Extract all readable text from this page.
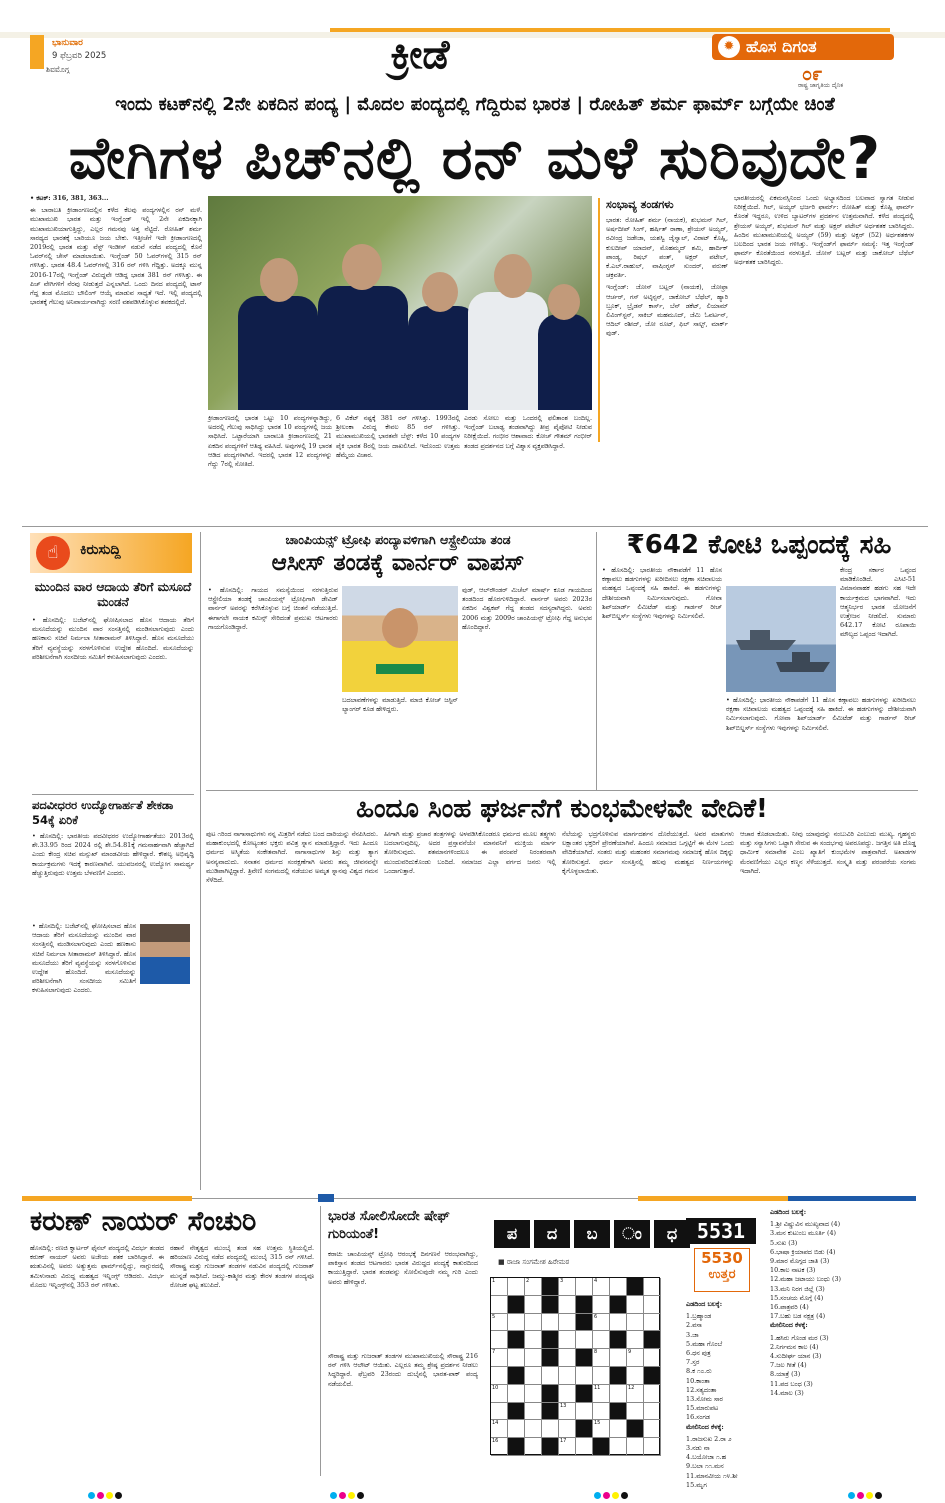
ಭಾನುವಾರ
9 ಫೆಬ್ರವರಿ 2025
ಶಿವಮೊಗ್ಗ	ಕ್ರೀಡೆ	✹ ಹೊಸ ದಿಗಂತ
೦೯
ರಾಷ್ಟ್ರ ಜಾಗೃತಿಯ ದೈನಿಕ
ಇಂದು ಕಟಕ್‌ನಲ್ಲಿ 2ನೇ ಏಕದಿನ ಪಂದ್ಯ | ಮೊದಲ ಪಂದ್ಯದಲ್ಲಿ ಗೆದ್ದಿರುವ ಭಾರತ | ರೋಹಿತ್ ಶರ್ಮ ಫಾರ್ಮ್ ಬಗ್ಗೆಯೇ ಚಿಂತೆ
ವೇಗಿಗಳ ಪಿಚ್‌ನಲ್ಲಿ ರನ್ ಮಳೆ ಸುರಿವುದೇ?

• ಕಟಕ್: 316, 381, 363...

ಈ ಬಾರಾಬತಿ ಕ್ರೀಡಾಂಗಣದಲ್ಲಿನ ಕಳೆದ ಕೆಲವು ಪಂದ್ಯಗಳಲ್ಲಿನ ರನ್ ಮಳೆ. ಮುಖಾಮುಖಿ ಭಾರತ ಮತ್ತು ಇಂಗ್ಲೆಂಡ್ ಇಲ್ಲಿ 2ನೇ ಏಕದಿನಕ್ಕಾಗಿ ಮುಖಾಮುಖಿಯಾಗುತ್ತಿದ್ದು, ಎಲ್ಲರ ಗಮನವು ಅತ್ತ ನೆಟ್ಟಿದೆ. ರೋಹಿತ್ ಶರ್ಮ ಸಾರಥ್ಯದ ಭಾರತಕ್ಕೆ ಬಾರಿಯೂ ಜಯ ಬೇಕು. ಇತ್ತೀಚೆಗೆ ಇದೇ ಕ್ರೀಡಾಂಗಣದಲ್ಲಿ 2019ರಲ್ಲಿ ಭಾರತ ಮತ್ತು ವೆಸ್ಟ್ ಇಂಡೀಸ್ ನಡುವೆ ನಡೆದ ಪಂದ್ಯದಲ್ಲಿ ಕೊನೆ ಓವರ್‌ನಲ್ಲಿ ಚೇಸ್ ಮಾಡಲಾಯಿತು. ಇಂಗ್ಲೆಂಡ್ 50 ಓವರ್‌ಗಳಲ್ಲಿ 315 ರನ್ ಗಳಿಸಿತ್ತು. ಭಾರತ 48.4 ಓವರ್‌ಗಳಲ್ಲಿ 316 ರನ್ ಗಳಿಸಿ ಗೆದ್ದಿತ್ತು. ಅದಕ್ಕೂ ಮುನ್ನ 2016-17ರಲ್ಲಿ ಇಂಗ್ಲೆಂಡ್ ವಿರುದ್ಧವೇ ಆಡಿದ್ದ ಭಾರತ 381 ರನ್ ಗಳಿಸಿತ್ತು. ಈ ಪಿಚ್ ವೇಗಿಗಳಿಗೆ ನೆರವು ನೀಡುತ್ತದೆ ಎನ್ನಲಾಗಿದೆ. ಒಂದು ದಿನದ ಪಂದ್ಯದಲ್ಲಿ ಟಾಸ್ ಗೆದ್ದ ತಂಡ ಮೊದಲು ಬೌಲಿಂಗ್ ಆಯ್ಕೆ ಮಾಡುವ ಸಾಧ್ಯತೆ ಇದೆ. ಇಲ್ಲಿ ಪಂದ್ಯದಲ್ಲಿ ಭಾರತಕ್ಕೆ ಗೆಲುವು ಅನಿವಾರ್ಯವಾಗಿದ್ದು ಸರಣಿ ವಶಪಡಿಸಿಕೊಳ್ಳುವ ತವಕದಲ್ಲಿದೆ.

ಕ್ರೀಡಾಂಗಣದಲ್ಲಿ ಭಾರತ ಒಟ್ಟು 10 ಪಂದ್ಯಗಳನ್ನಾಡಿದ್ದು, ಅದರಲ್ಲಿ ಗೆಲುವು ಸಾಧಿಸಿದ್ದು ಭಾರತ 10 ಪಂದ್ಯಗಳಲ್ಲಿ ಜಯ ಸಾಧಿಸಿದೆ. ಒಟ್ಟಾರೆಯಾಗಿ ಬಾರಾಬತಿ ಕ್ರೀಡಾಂಗಣದಲ್ಲಿ 21 ಏಕದಿನ ಪಂದ್ಯಗಳಿಗೆ ಆತಿಥ್ಯ ವಹಿಸಿದೆ. ಅವುಗಳಲ್ಲಿ 19 ಭಾರತ ಆಡಿದ ಪಂದ್ಯಗಳಾಗಿವೆ. ಇದರಲ್ಲಿ ಭಾರತ 12 ಪಂದ್ಯಗಳನ್ನು ಗೆದ್ದು 7ರಲ್ಲಿ ಸೋತಿದೆ.

6 ವಿಕೆಟ್ ನಷ್ಟಕ್ಕೆ 381 ರನ್ ಗಳಿಸಿತ್ತು. 1993ರಲ್ಲಿ ಶ್ರೀಲಂಕಾ ವಿರುದ್ಧ ಕೇವಲ 85 ರನ್ ಗಳಿಸಿತ್ತು. ಮುಖಾಮುಖಿಯಲ್ಲಿ ಭಾರತವೇ ಬೆಸ್ಟ್: ಕಳೆದ 10 ಪಂದ್ಯಗಳ ಪೈಕಿ ಭಾರತ 8ರಲ್ಲಿ ಜಯ ದಾಖಲಿಸಿದೆ. ಇದೊಂದು ಉತ್ತಮ ಹೆಮ್ಮೆಯ ವಿಚಾರ.

ಎರಡು ಸೋಲು ಮತ್ತು ಒಂದರಲ್ಲಿ ಫಲಿತಾಂಶ ಬಂದಿಲ್ಲ. ಇಂಗ್ಲೆಂಡ್ ಬಲಾಢ್ಯ ತಂಡವಾಗಿದ್ದು ತೀವ್ರ ಪೈಪೋಟಿ ನೀಡುವ ನಿರೀಕ್ಷೆಯಿದೆ. ಗಂಭೀರ ಆಶಾವಾದ: ಕೋಚ್ ಗೌತಮ್ ಗಂಭೀರ್ ತಂಡದ ಪ್ರದರ್ಶನದ ಬಗ್ಗೆ ವಿಶ್ವಾಸ ವ್ಯಕ್ತಪಡಿಸಿದ್ದಾರೆ.

ಸಂಭಾವ್ಯ ತಂಡಗಳು

ಭಾರತ: ರೋಹಿತ್ ಶರ್ಮ (ನಾಯಕ), ಶುಭಮನ್ ಗಿಲ್, ಅರ್ಷದೀಪ್ ಸಿಂಗ್, ಹರ್ಷಿತ್ ರಾಣಾ, ಶ್ರೇಯಸ್ ಅಯ್ಯರ್, ರವೀಂದ್ರ ಜಡೇಜಾ, ಯಶಸ್ವಿ ಜೈಸ್ವಾಲ್, ವಿರಾಟ್ ಕೊಹ್ಲಿ, ಕುಲದೀಪ್ ಯಾದವ್, ಮೊಹಮ್ಮದ್ ಶಮಿ, ಹಾರ್ದಿಕ್ ಪಾಂಡ್ಯ, ರಿಷಭ್ ಪಂತ್, ಅಕ್ಷರ್ ಪಟೇಲ್, ಕೆ.ಎಲ್.ರಾಹುಲ್, ವಾಷಿಂಗ್ಟನ್ ಸುಂದರ್, ವರುಣ್ ಚಕ್ರವರ್ತಿ.

ಇಂಗ್ಲೆಂಡ್: ಜೋಸ್ ಬಟ್ಲರ್ (ನಾಯಕ), ಜೋಫ್ರಾ ಆರ್ಚರ್, ಗಸ್ ಅಟ್ಕಿನ್ಸನ್, ಜಾಕೋಬ್ ಬೆಥೆಲ್, ಹ್ಯಾರಿ ಬ್ರೂಕ್, ಬ್ರೈಡನ್ ಕಾರ್ಸ್, ಬೆನ್ ಡಕೆಟ್, ಲಿಯಾಮ್ ಲಿವಿಂಗ್‌ಸ್ಟನ್, ಸಾಕಿಬ್ ಮಹಮೂದ್, ಜೆಮಿ ಓವರ್ಟನ್, ಆದಿಲ್ ರಶೀದ್, ಜೋ ರೂಟ್, ಫಿಲ್ ಸಾಲ್ಟ್, ಮಾರ್ಕ್ ವುಡ್.

ಭಾರತೀಯರಲ್ಲಿ ಏಕಮನಸ್ಸಿನಿಂದ ಒಂದು ಅಭ್ಯಾಸದಿಂದ ಬಲವಾದ ಸ್ವಾಗತ ನೀಡುವ ನಿರೀಕ್ಷೆಯಿದೆ. ಗಿಲ್, ಅಯ್ಯರ್ ಭರ್ಜರಿ ಫಾರ್ಮ್: ರೋಹಿತ್ ಮತ್ತು ಕೊಹ್ಲಿ ಫಾರ್ಮ್ ಕೊರತೆ ಇದ್ದರೂ, ಉಳಿದ ಬ್ಯಾಟರ್‌ಗಳ ಪ್ರದರ್ಶನ ಉತ್ತಮವಾಗಿದೆ. ಕಳೆದ ಪಂದ್ಯದಲ್ಲಿ ಶ್ರೇಯಸ್ ಅಯ್ಯರ್, ಶುಭಮನ್ ಗಿಲ್ ಮತ್ತು ಅಕ್ಷರ್ ಪಟೇಲ್ ಅರ್ಧಶತಕ ಬಾರಿಸಿದ್ದರು. ಹಿಂದಿನ ಮುಖಾಮುಖಿಯಲ್ಲಿ ಅಯ್ಯರ್ (59) ಮತ್ತು ಅಕ್ಷರ್ (52) ಅರ್ಧಶತಕಗಳ ಬಲದಿಂದ ಭಾರತ ಜಯ ಗಳಿಸಿತ್ತು. ಇಂಗ್ಲೆಂಡ್‌ಗೆ ಫಾರ್ಮ್ ಸಮಸ್ಯೆ: ಇತ್ತ ಇಂಗ್ಲೆಂಡ್ ಫಾರ್ಮ್ ಕೊರತೆಯಿಂದ ನರಳುತ್ತಿದೆ. ಜೋಸ್ ಬಟ್ಲರ್ ಮತ್ತು ಜಾಕೋಬ್ ಬೆಥೆಲ್ ಅರ್ಧಶತಕ ಬಾರಿಸಿದ್ದರು.

☝	ಕಿರುಸುದ್ದಿ
ಮುಂದಿನ ವಾರ ಆದಾಯ ತೆರಿಗೆ ಮಸೂದೆ ಮಂಡನೆ
• ಹೊಸದಿಲ್ಲಿ: ಬಜೆಟ್‌ನಲ್ಲಿ ಘೋಷಿಸಲಾದ ಹೊಸ ಆದಾಯ ತೆರಿಗೆ ಮಸೂದೆಯನ್ನು ಮುಂದಿನ ವಾರ ಸಂಸತ್ತಿನಲ್ಲಿ ಮಂಡಿಸಲಾಗುವುದು ಎಂದು ಹಣಕಾಸು ಸಚಿವೆ ನಿರ್ಮಲಾ ಸೀತಾರಾಮನ್ ತಿಳಿಸಿದ್ದಾರೆ. ಹೊಸ ಮಸೂದೆಯು ತೆರಿಗೆ ವ್ಯವಸ್ಥೆಯನ್ನು ಸರಳಗೊಳಿಸುವ ಉದ್ದೇಶ ಹೊಂದಿದೆ. ಮಸೂದೆಯನ್ನು ಪರಿಶೀಲನೆಗಾಗಿ ಸಂಸದೀಯ ಸಮಿತಿಗೆ ಕಳುಹಿಸಲಾಗುವುದು ಎಂದರು.
ಪದವೀಧರರ ಉದ್ಯೋಗಾರ್ಹತೆ ಶೇಕಡಾ 54ಕ್ಕೆ ಏರಿಕೆ
• ಹೊಸದಿಲ್ಲಿ: ಭಾರತೀಯ ಪದವೀಧರರ ಉದ್ಯೋಗಾರ್ಹತೆಯು 2013ರಲ್ಲಿ ಶೇ.33.95 ರಿಂದ 2024 ರಲ್ಲಿ ಶೇ.54.81ಕ್ಕೆ ಗಮನಾರ್ಹವಾಗಿ ಹೆಚ್ಚಾಗಿದೆ ಎಂದು ಕೇಂದ್ರ ಸಚಿವ ಮನ್ಸುಖ್ ಮಾಂಡವೀಯ ಹೇಳಿದ್ದಾರೆ. ಕೌಶಲ್ಯ ಅಭಿವೃದ್ಧಿ ಕಾರ್ಯಕ್ರಮಗಳು ಇದಕ್ಕೆ ಕಾರಣವಾಗಿವೆ. ಯುವಜನರಲ್ಲಿ ಉದ್ಯೋಗ ಸಾಮರ್ಥ್ಯ ಹೆಚ್ಚುತ್ತಿರುವುದು ಉತ್ತಮ ಬೆಳವಣಿಗೆ ಎಂದರು.

• ಹೊಸದಿಲ್ಲಿ: ಬಜೆಟ್‌ನಲ್ಲಿ ಘೋಷಿಸಲಾದ ಹೊಸ ಆದಾಯ ತೆರಿಗೆ ಮಸೂದೆಯನ್ನು ಮುಂದಿನ ವಾರ ಸಂಸತ್ತಿನಲ್ಲಿ ಮಂಡಿಸಲಾಗುವುದು ಎಂದು ಹಣಕಾಸು ಸಚಿವೆ ನಿರ್ಮಲಾ ಸೀತಾರಾಮನ್ ತಿಳಿಸಿದ್ದಾರೆ. ಹೊಸ ಮಸೂದೆಯು ತೆರಿಗೆ ವ್ಯವಸ್ಥೆಯನ್ನು ಸರಳಗೊಳಿಸುವ ಉದ್ದೇಶ ಹೊಂದಿದೆ. ಮಸೂದೆಯನ್ನು ಪರಿಶೀಲನೆಗಾಗಿ ಸಂಸದೀಯ ಸಮಿತಿಗೆ ಕಳುಹಿಸಲಾಗುವುದು ಎಂದರು.

ಚಾಂಪಿಯನ್ಸ್ ಟ್ರೋಫಿ ಪಂದ್ಯಾವಳಿಗಾಗಿ ಆಸ್ಟ್ರೇಲಿಯಾ ತಂಡ
ಆಸೀಸ್ ತಂಡಕ್ಕೆ ವಾರ್ನರ್ ವಾಪಸ್
• ಹೊಸದಿಲ್ಲಿ: ಗಾಯದ ಸಮಸ್ಯೆಯಿಂದ ನರಳುತ್ತಿರುವ ಆಸ್ಟ್ರೇಲಿಯಾ ತಂಡಕ್ಕೆ ಚಾಂಪಿಯನ್ಸ್ ಟ್ರೋಫಿಗಾಗಿ ಡೇವಿಡ್ ವಾರ್ನರ್ ಅವರನ್ನು ಕರೆಸಿಕೊಳ್ಳುವ ಬಗ್ಗೆ ಚಿಂತನೆ ನಡೆಯುತ್ತಿದೆ. ಈಗಾಗಲೇ ನಾಯಕ ಕಮಿನ್ಸ್ ಸೇರಿದಂತೆ ಪ್ರಮುಖ ಆಟಗಾರರು ಗಾಯಗೊಂಡಿದ್ದಾರೆ.
ಬದಲಾವಣೆಗಳನ್ನು ಮಾಡುತ್ತಿದೆ. ಮಾಜಿ ಕೋಚ್ ಜಸ್ಟಿನ್ ಲ್ಯಾಂಗರ್ ಕೂಡ ಹೇಳಿದ್ದರು.
ವುಡ್, ಆಲ್‌ರೌಂಡರ್ ಮಿಚೆಲ್ ಮಾರ್ಷ್ ಕೂಡ ಗಾಯದಿಂದ ತಂಡದಿಂದ ಹೊರಗುಳಿದಿದ್ದಾರೆ. ವಾರ್ನರ್ ಅವರು 2023ರ ಏಕದಿನ ವಿಶ್ವಕಪ್ ಗೆದ್ದ ತಂಡದ ಸದಸ್ಯರಾಗಿದ್ದರು. ಅವರು 2006 ಮತ್ತು 2009ರ ಚಾಂಪಿಯನ್ಸ್ ಟ್ರೋಫಿ ಗೆದ್ದ ಅನುಭವ ಹೊಂದಿದ್ದಾರೆ.
₹642 ಕೋಟಿ ಒಪ್ಪಂದಕ್ಕೆ ಸಹಿ
• ಹೊಸದಿಲ್ಲಿ: ಭಾರತೀಯ ನೌಕಾಪಡೆಗೆ 11 ಹೊಸ ಕಣ್ಗಾವಲು ಹಡಗುಗಳನ್ನು ಖರೀದಿಸಲು ರಕ್ಷಣಾ ಸಚಿವಾಲಯ ಮಹತ್ವದ ಒಪ್ಪಂದಕ್ಕೆ ಸಹಿ ಹಾಕಿದೆ. ಈ ಹಡಗುಗಳನ್ನು ದೇಶೀಯವಾಗಿ ನಿರ್ಮಿಸಲಾಗುವುದು. ಗೋವಾ ಶಿಪ್‌ಯಾರ್ಡ್ ಲಿಮಿಟೆಡ್ ಮತ್ತು ಗಾರ್ಡನ್ ರೀಚ್ ಶಿಪ್‌ಬಿಲ್ಡರ್ಸ್ ಸಂಸ್ಥೆಗಳು ಇವುಗಳನ್ನು ನಿರ್ಮಿಸಲಿವೆ.
ಕೇಂದ್ರ ಸರ್ಕಾರ ಒಪ್ಪಂದ ಮಾಡಿಕೊಂಡಿದೆ. ಎಸಿಟಿ-51 ವಿಮಾನವಾಹಕ ಹಡಗು ಸಹ ಇದೇ ಕಾರ್ಯಕ್ರಮದ ಭಾಗವಾಗಿದೆ. ಇದು ಆತ್ಮನಿರ್ಭರ ಭಾರತ ಯೋಜನೆಗೆ ಉತ್ತೇಜನ ನೀಡಲಿದೆ. ಸುಮಾರು 642.17 ಕೋಟಿ ರೂಪಾಯಿ ಮೌಲ್ಯದ ಒಪ್ಪಂದ ಇದಾಗಿದೆ.
• ಹೊಸದಿಲ್ಲಿ: ಭಾರತೀಯ ನೌಕಾಪಡೆಗೆ 11 ಹೊಸ ಕಣ್ಗಾವಲು ಹಡಗುಗಳನ್ನು ಖರೀದಿಸಲು ರಕ್ಷಣಾ ಸಚಿವಾಲಯ ಮಹತ್ವದ ಒಪ್ಪಂದಕ್ಕೆ ಸಹಿ ಹಾಕಿದೆ. ಈ ಹಡಗುಗಳನ್ನು ದೇಶೀಯವಾಗಿ ನಿರ್ಮಿಸಲಾಗುವುದು. ಗೋವಾ ಶಿಪ್‌ಯಾರ್ಡ್ ಲಿಮಿಟೆಡ್ ಮತ್ತು ಗಾರ್ಡನ್ ರೀಚ್ ಶಿಪ್‌ಬಿಲ್ಡರ್ಸ್ ಸಂಸ್ಥೆಗಳು ಇವುಗಳನ್ನು ನಿರ್ಮಿಸಲಿವೆ.
ಹಿಂದೂ ಸಿಂಹ ಘರ್ಜನೆಗೆ ಕುಂಭಮೇಳವೇ ವೇದಿಕೆ!
ಪುಟ ೧ರಿಂದ ನಾಗಾಸಾಧುಗಳು ನನ್ನ ಮಿತ್ರರಿಗೆ ನಡೆದು ಬಂದ ದಾರಿಯನ್ನು ನೆನಪಿಸಿದರು. ಮಹಾಕುಂಭದಲ್ಲಿ ಕೋಟ್ಯಂತರ ಭಕ್ತರು ಪವಿತ್ರ ಸ್ನಾನ ಮಾಡುತ್ತಿದ್ದಾರೆ. ಇದು ಹಿಂದೂ ಧರ್ಮದ ಅಸ್ಮಿತೆಯ ಸಂಕೇತವಾಗಿದೆ. ನಾಗಾಸಾಧುಗಳ ಶಿಸ್ತು ಮತ್ತು ತ್ಯಾಗ ಅನನ್ಯವಾದುದು. ಸನಾತನ ಧರ್ಮದ ಸಂರಕ್ಷಣೆಗಾಗಿ ಅವರು ತಮ್ಮ ಜೀವನವನ್ನೇ ಮುಡಿಪಾಗಿಟ್ಟಿದ್ದಾರೆ. ತ್ರಿವೇಣಿ ಸಂಗಮದಲ್ಲಿ ನಡೆಯುವ ಅಮೃತ ಸ್ನಾನವು ವಿಶ್ವದ ಗಮನ ಸೆಳೆದಿದೆ.
ಹೀಗಾಗಿ ಮತ್ತು ಪ್ರಚಾರ ತಂತ್ರಗಳನ್ನು ಅಳವಡಿಸಿಕೊಂಡರೂ ಧರ್ಮದ ಮೂಲ ತತ್ತ್ವಗಳು ಬದಲಾಗುವುದಿಲ್ಲ. ಅದರ ಪ್ರಸ್ತಾವನೆಯೇ ಮಾನವನಿಗೆ ಮುಕ್ತಿಯ ಮಾರ್ಗ ತೋರಿಸುವುದು. ಶತಮಾನಗಳಿಂದಲೂ ಈ ಪರಂಪರೆ ನಿರಂತರವಾಗಿ ಮುಂದುವರಿದುಕೊಂಡು ಬಂದಿದೆ. ಸಮಾಜದ ಎಲ್ಲಾ ವರ್ಗದ ಜನರು ಇಲ್ಲಿ ಒಂದಾಗುತ್ತಾರೆ.
ನೆಲೆಯನ್ನು ಭದ್ರಗೊಳಿಸುವ ಮಾರ್ಗದರ್ಶನ ದೊರೆಯುತ್ತದೆ. ಅವರ ಮಾತುಗಳು ಲಕ್ಷಾಂತರ ಭಕ್ತರಿಗೆ ಪ್ರೇರಣೆಯಾಗಿವೆ. ಹಿಂದೂ ಸಮಾಜದ ಒಗ್ಗಟ್ಟಿಗೆ ಈ ಮೇಳ ಒಂದು ವೇದಿಕೆಯಾಗಿದೆ. ಸಂತರು ಮತ್ತು ಮಹಂತರ ಸಮಾಗಮವು ಸಮಾಜಕ್ಕೆ ಹೊಸ ದಿಕ್ಕನ್ನು ತೋರಿಸುತ್ತದೆ. ಧರ್ಮ ಸಂಸತ್ತಿನಲ್ಲಿ ಹಲವು ಮಹತ್ವದ ನಿರ್ಣಯಗಳನ್ನು ಕೈಗೊಳ್ಳಲಾಯಿತು.
ಆಚಾರ ಕೊಡಲಾಯಿತು. ನೀವು ಯಾವುದನ್ನು ನಂಬುವಿರಿ ಎಂಬುದು ಮುಖ್ಯ. ಗೃಹಸ್ಥರು ಮತ್ತು ಸನ್ಯಾಸಿಗಳು ಒಟ್ಟಾಗಿ ಸೇರುವ ಈ ಸಂದರ್ಭವು ಅಪರೂಪದ್ದು. ಜಗತ್ತಿನ ಅತಿ ದೊಡ್ಡ ಧಾರ್ಮಿಕ ಸಮಾವೇಶ ಎಂಬ ಖ್ಯಾತಿಗೆ ಕುಂಭಮೇಳ ಪಾತ್ರವಾಗಿದೆ. ಅಖಾಡಗಳ ಮೆರವಣಿಗೆಯು ಎಲ್ಲರ ಕಣ್ಮನ ಸೆಳೆಯುತ್ತದೆ. ಸಂಸ್ಕೃತಿ ಮತ್ತು ಪರಂಪರೆಯ ಸಂಗಮ ಇದಾಗಿದೆ.
ಕರುಣ್ ನಾಯರ್ ಸೆಂಚುರಿ
ಹೊಸದಿಲ್ಲಿ: ರಣಜಿ ಕ್ವಾರ್ಟರ್ ಫೈನಲ್ ಪಂದ್ಯದಲ್ಲಿ ವಿದರ್ಭ ತಂಡದ ಕರುಣ್ ನಾಯರ್ ಅವರು ಅಜೇಯ ಶತಕ ಬಾರಿಸಿದ್ದಾರೆ. ಈ ಋತುವಿನಲ್ಲಿ ಅವರು ಅತ್ಯುತ್ತಮ ಫಾರ್ಮ್‌ನಲ್ಲಿದ್ದು, ನಾಗ್ಪುರದಲ್ಲಿ ತಮಿಳುನಾಡು ವಿರುದ್ಧ ಮಹತ್ವದ ಇನ್ನಿಂಗ್ಸ್ ಆಡಿದರು. ವಿದರ್ಭ ಮೊದಲ ಇನ್ನಿಂಗ್ಸ್‌ನಲ್ಲಿ 353 ರನ್ ಗಳಿಸಿತು.
ರಹಾನೆ ನೇತೃತ್ವದ ಮುಂಬೈ ತಂಡ ಸಹ ಉತ್ತಮ ಸ್ಥಿತಿಯಲ್ಲಿದೆ. ಹರಿಯಾಣ ವಿರುದ್ಧ ನಡೆದ ಪಂದ್ಯದಲ್ಲಿ ಮುಂಬೈ 315 ರನ್ ಗಳಿಸಿದೆ. ಸೌರಾಷ್ಟ್ರ ಮತ್ತು ಗುಜರಾತ್ ತಂಡಗಳ ನಡುವಿನ ಪಂದ್ಯದಲ್ಲಿ ಗುಜರಾತ್ ಮುನ್ನಡೆ ಸಾಧಿಸಿದೆ. ಜಮ್ಮು-ಕಾಶ್ಮೀರ ಮತ್ತು ಕೇರಳ ತಂಡಗಳ ಪಂದ್ಯವೂ ರೋಚಕ ಘಟ್ಟ ತಲುಪಿದೆ.
ಭಾರತ ಸೋಲಿಸೋದೇ ಷೇಫ್ ಗುರಿಯಂತೆ!
ಕರಾಚಿ: ಚಾಂಪಿಯನ್ಸ್ ಟ್ರೋಫಿ ಆರಂಭಕ್ಕೆ ದಿನಗಣನೆ ಆರಂಭವಾಗಿದ್ದು, ಪಾಕಿಸ್ತಾನ ತಂಡದ ಆಟಗಾರರು ಭಾರತ ವಿರುದ್ಧದ ಪಂದ್ಯಕ್ಕೆ ಕಾತುರದಿಂದ ಕಾಯುತ್ತಿದ್ದಾರೆ. ಭಾರತ ತಂಡವನ್ನು ಸೋಲಿಸುವುದೇ ನಮ್ಮ ಗುರಿ ಎಂದು ಅವರು ಹೇಳಿದ್ದಾರೆ.
ಸೌರಾಷ್ಟ್ರ ಮತ್ತು ಗುಜರಾತ್ ತಂಡಗಳ ಮುಖಾಮುಖಿಯಲ್ಲಿ ಸೌರಾಷ್ಟ್ರ 216 ರನ್ ಗಳಿಸಿ ಆಲೌಟ್ ಆಯಿತು. ಎಲ್ಲರೂ ತಮ್ಮ ಶ್ರೇಷ್ಠ ಪ್ರದರ್ಶನ ನೀಡಲು ಸಿದ್ಧರಿದ್ದಾರೆ. ಫೆಬ್ರವರಿ 23ರಂದು ದುಬೈನಲ್ಲಿ ಭಾರತ-ಪಾಕ್ ಪಂದ್ಯ ನಡೆಯಲಿದೆ.
ಪ	ದ	ಬ	ಂ	ಧ
■ ರಾಜಾ ಸಂಗಮೇಶ ಹಿರೇಮಠ
1	2	3	4
5	6
7	8	9
10	11	12
13
14	15
16	17
5531
5530
ಉತ್ತರ

ಎಡದಿಂದ ಬಲಕ್ಕೆ:

1.ಬ್ರಹ್ಮಾಂಡ
2.ವಸಾ
3.ಜಾ
5.ಮಹಾ ಗೊಂಬೆ
6.ಧನ ಪುತ್ರ
7.ಸ್ತರ
8.ಕ ೧೦.ರು
10.ಕಾಂತಾ
12.ಸತ್ಯದಂತಾ
13.ಸೋಮ ಸಾರ
15.ಮಾರುಪಟ
16.ಸಂಗಡ

ಮೇಲಿನಿಂದ ಕೆಳಕ್ಕೆ:

1.ರಾಜಸುಖ 2.ರಾ ೨
3.ನಡು ನಾ
4.ಬಯೋಜಾ ೧.ಹ
9.ಬಲಾ ೧೧.ಮನ
11.ಮಾನವೀಯ ೧೪.ಶೀ
15.ಮೃಗ

ಎಡದಿಂದ ಬಲಕ್ಕೆ:

1.ಶ್ರೀ ವಿಷ್ಣುವಿನ ಮುಖ್ಯವಾದ (4)
3.ಮನ ಕುಟುಂಬ ಮೂರ್ತಿ (4)
5.ಸುಖ (3)
6.ಭಾಷಾ ಕ್ರಿಯಾಪದ ಬಿಡು (4)
9.ಮಾರ ಮೊಗ್ಗದ ಜಾತಿ (3)
10.ಕಾಲ ನಾಟಕ (3)
12.ಮಹಾ ಜಟಾಯು ಬಂಧು (3)
13.ಮನಿ ನಿರಗ ಜಿಲ್ಲೆ (3)
15.ಸಂಚಯ ಮೊಗ್ಗೆ (4)
16.ಪಾತ್ರವರಿ (4)
17.ಬಹು ಬಡ ನಕ್ಷತ್ರ (4)

ಮೇಲಿನಿಂದ ಕೆಳಕ್ಕೆ:

1.ಹಸಿರು ಗೊಂಡ ಮರ (3)
2.ನಿರ್ಗಮನ ಕಾಲ (4)
4.ಸುದೀರ್ಘ ಯಾನ (3)
7.ಜಲ ಗೀತೆ (4)
8.ಯಾತ್ರೆ (3)
11.ಪದ ಬಂಧ (3)
14.ಮಾಲ (3)
